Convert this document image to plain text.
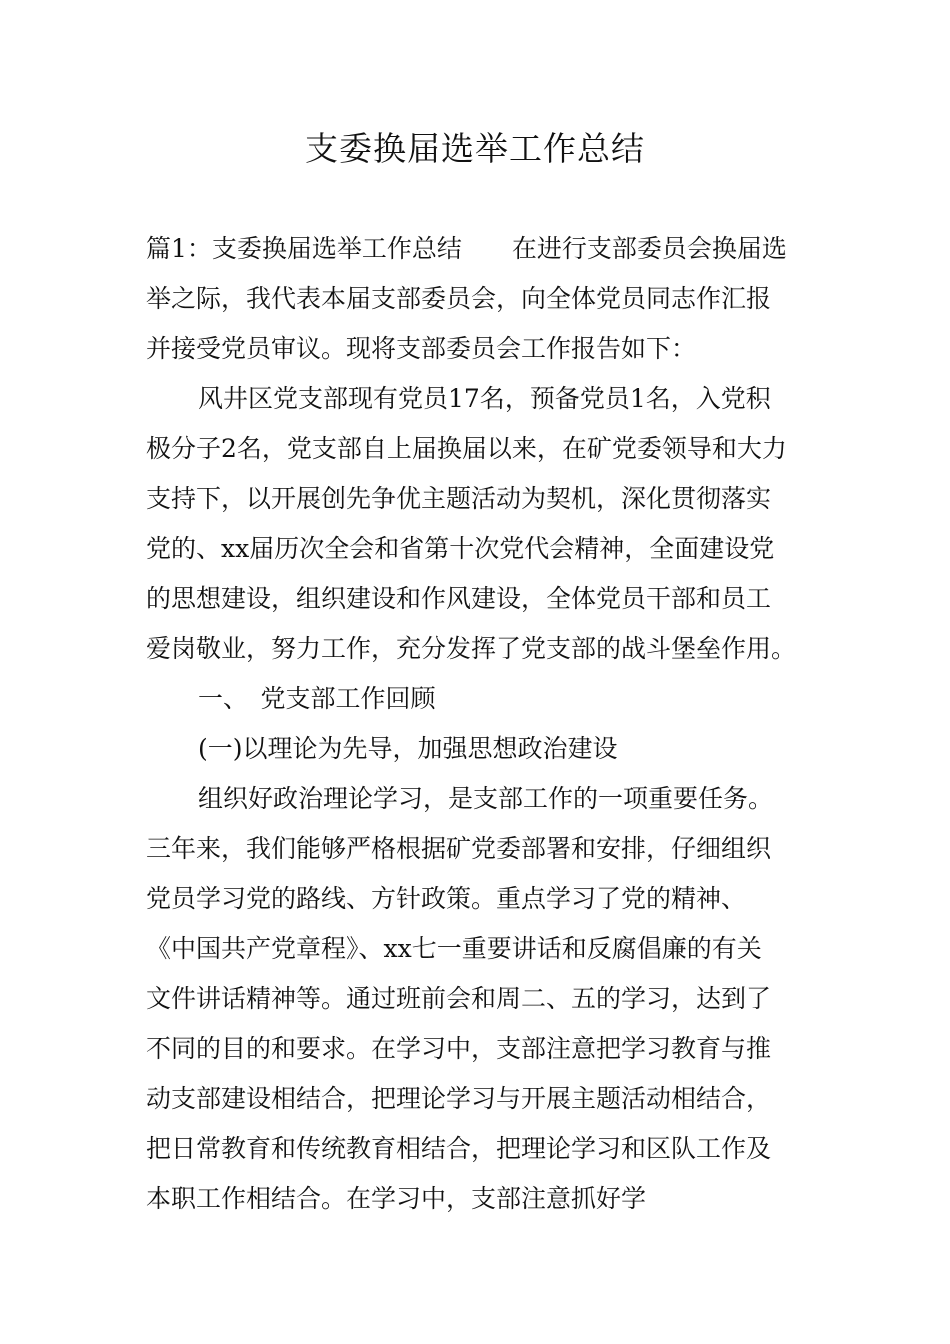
支委换届选举工作总结
篇1：支委换届选举工作总结　　在进行支部委员会换届选
举之际，我代表本届支部委员会，向全体党员同志作汇报
并接受党员审议。现将支部委员会工作报告如下：
风井区党支部现有党员17名，预备党员1名，入党积
极分子2名，党支部自上届换届以来，在矿党委领导和大力
支持下，以开展创先争优主题活动为契机，深化贯彻落实
党的、xx届历次全会和省第十次党代会精神，全面建设党
的思想建设，组织建设和作风建设，全体党员干部和员工
爱岗敬业，努力工作，充分发挥了党支部的战斗堡垒作用。
一、　党支部工作回顾
(一)以理论为先导，加强思想政治建设
组织好政治理论学习，是支部工作的一项重要任务。
三年来，我们能够严格根据矿党委部署和安排，仔细组织
党员学习党的路线、方针政策。重点学习了党的精神、
《中国共产党章程》、xx七一重要讲话和反腐倡廉的有关
文件讲话精神等。通过班前会和周二、五的学习，达到了
不同的目的和要求。在学习中，支部注意把学习教育与推
动支部建设相结合，把理论学习与开展主题活动相结合，
把日常教育和传统教育相结合，把理论学习和区队工作及
本职工作相结合。在学习中，支部注意抓好学
